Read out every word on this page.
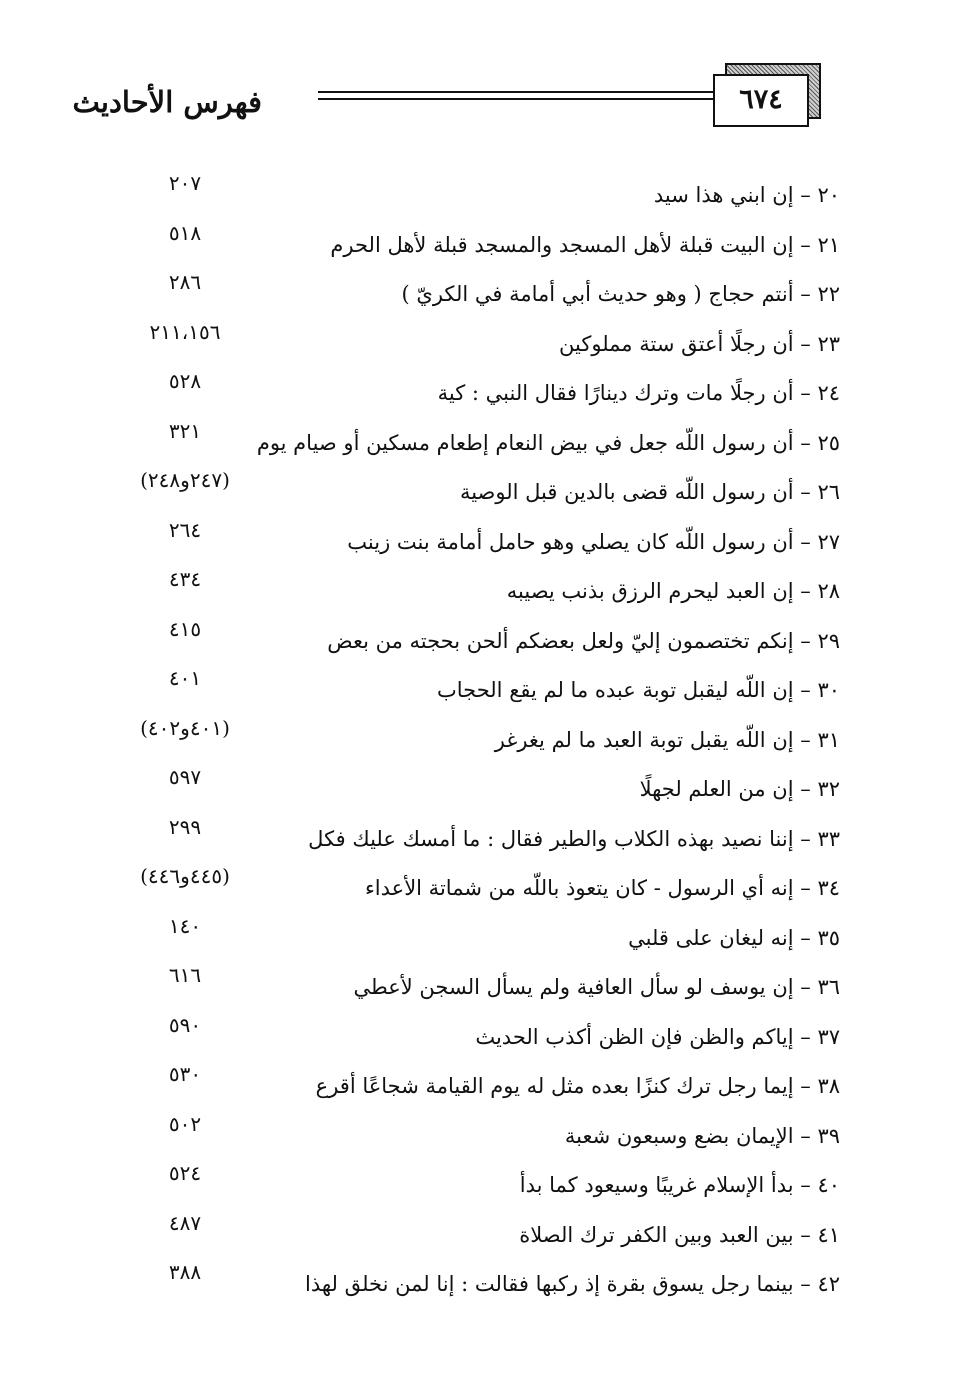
فهرس الأحاديث	٦٧٤
٢٠ – إن ابني هذا سيد
٢٠٧
٢١ – إن البيت قبلة لأهل المسجد والمسجد قبلة لأهل الحرم
٥١٨
٢٢ – أنتم حجاج ( وهو حديث أبي أمامة في الكريّ )
٢٨٦
٢٣ – أن رجلًا أعتق ستة مملوكين
٢١١،١٥٦
٢٤ – أن رجلًا مات وترك دينارًا فقال النبي : كية
٥٢٨
٢٥ – أن رسول اللّه جعل في بيض النعام إطعام مسكين أو صيام يوم
٣٢١
٢٦ – أن رسول اللّه قضى بالدين قبل الوصية
(٢٤٧و٢٤٨)
٢٧ – أن رسول اللّه كان يصلي وهو حامل أمامة بنت زينب
٢٦٤
٢٨ – إن العبد ليحرم الرزق بذنب يصيبه
٤٣٤
٢٩ – إنكم تختصمون إليّ ولعل بعضكم ألحن بحجته من بعض
٤١٥
٣٠ – إن اللّه ليقبل توبة عبده ما لم يقع الحجاب
٤٠١
٣١ – إن اللّه يقبل توبة العبد ما لم يغرغر
(٤٠١و٤٠٢)
٣٢ – إن من العلم لجهلًا
٥٩٧
٣٣ – إننا نصيد بهذه الكلاب والطير فقال : ما أمسك عليك فكل
٢٩٩
٣٤ – إنه أي الرسول - كان يتعوذ باللّه من شماتة الأعداء
(٤٤٥و٤٤٦)
٣٥ – إنه ليغان على قلبي
١٤٠
٣٦ – إن يوسف لو سأل العافية ولم يسأل السجن لأعطي
٦١٦
٣٧ – إياكم والظن فإن الظن أكذب الحديث
٥٩٠
٣٨ – إيما رجل ترك كنزًا بعده مثل له يوم القيامة شجاعًا أقرع
٥٣٠
٣٩ – الإيمان بضع وسبعون شعبة
٥٠٢
٤٠ – بدأ الإسلام غريبًا وسيعود كما بدأ
٥٢٤
٤١ – بين العبد وبين الكفر ترك الصلاة
٤٨٧
٤٢ – بينما رجل يسوق بقرة إذ ركبها فقالت : إنا لمن نخلق لهذا
٣٨٨
